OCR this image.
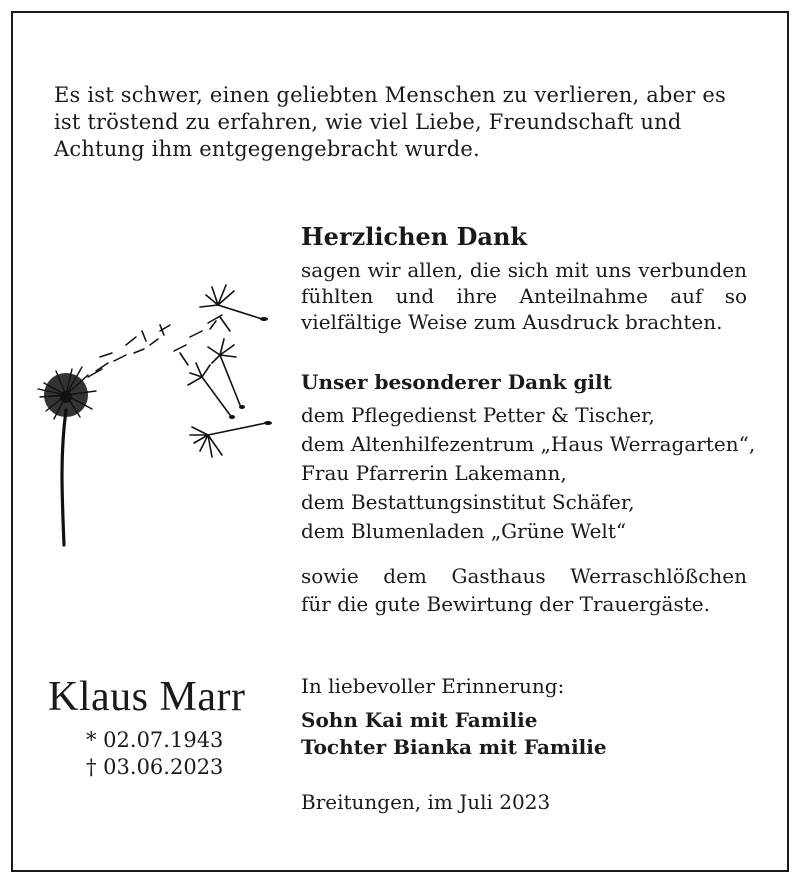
Es ist schwer, einen geliebten Menschen zu verlieren, aber es

ist tröstend zu erfahren, wie viel Liebe, Freundschaft und

Achtung ihm entgegengebracht wurde.

Herzlichen Dank
sagen wir allen, die sich mit uns verbunden
fühlten und ihre Anteilnahme auf so
vielfältige Weise zum Ausdruck brachten.
Unser besonderer Dank gilt
dem Pflegedienst Petter & Tischer,
dem Altenhilfezentrum „Haus Werragarten“,
Frau Pfarrerin Lakemann,
dem Bestattungsinstitut Schäfer,
dem Blumenladen „Grüne Welt“
sowie dem Gasthaus Werraschlößchen
für die gute Bewirtung der Trauergäste.
Klaus Marr
* 02.07.1943
† 03.06.2023
In liebevoller Erinnerung:
Sohn Kai mit Familie
Tochter Bianka mit Familie
Breitungen, im Juli 2023
